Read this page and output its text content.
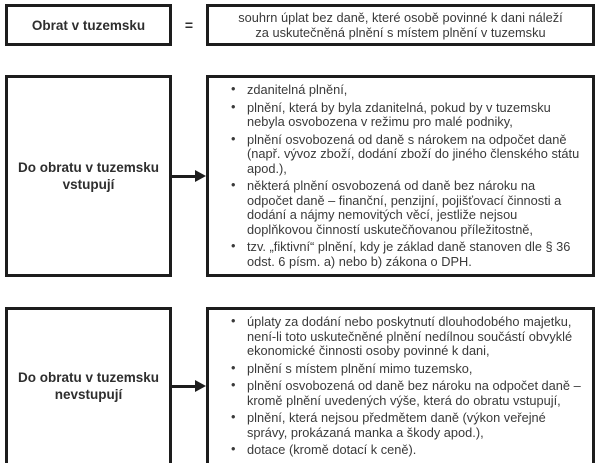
Obrat v tuzemsku	=	souhrn úplat bez daně, které osobě povinné k dani náleží
za uskutečněná plnění s místem plnění v tuzemsku
Do obratu v tuzemsku
vstupují
• zdanitelná plnění,
• plnění, která by byla zdanitelná, pokud by v tuzemsku nebyla osvobozena v režimu pro malé podniky,
• plnění osvobozená od daně s nárokem na odpočet daně (např. vývoz zboží, dodání zboží do jiného členského státu apod.),
• některá plnění osvobozená od daně bez nároku na odpočet daně – finanční, penzijní, pojišťovací činnosti a dodání a nájmy nemovitých věcí, jestliže nejsou doplňkovou činností uskutečňovanou příležitostně,
• tzv. „fiktivní“ plnění, kdy je základ daně stanoven dle § 36 odst. 6 písm. a) nebo b) zákona o DPH.
Do obratu v tuzemsku
nevstupují
• úplaty za dodání nebo poskytnutí dlouhodobého majetku, není-li toto uskutečněné plnění nedílnou součástí obvyklé ekonomické činnosti osoby povinné k dani,
• plnění s místem plnění mimo tuzemsko,
• plnění osvobozená od daně bez nároku na odpočet daně – kromě plnění uvedených výše, která do obratu vstupují,
• plnění, která nejsou předmětem daně (výkon veřejné správy, prokázaná manka a škody apod.),
• dotace (kromě dotací k ceně).
